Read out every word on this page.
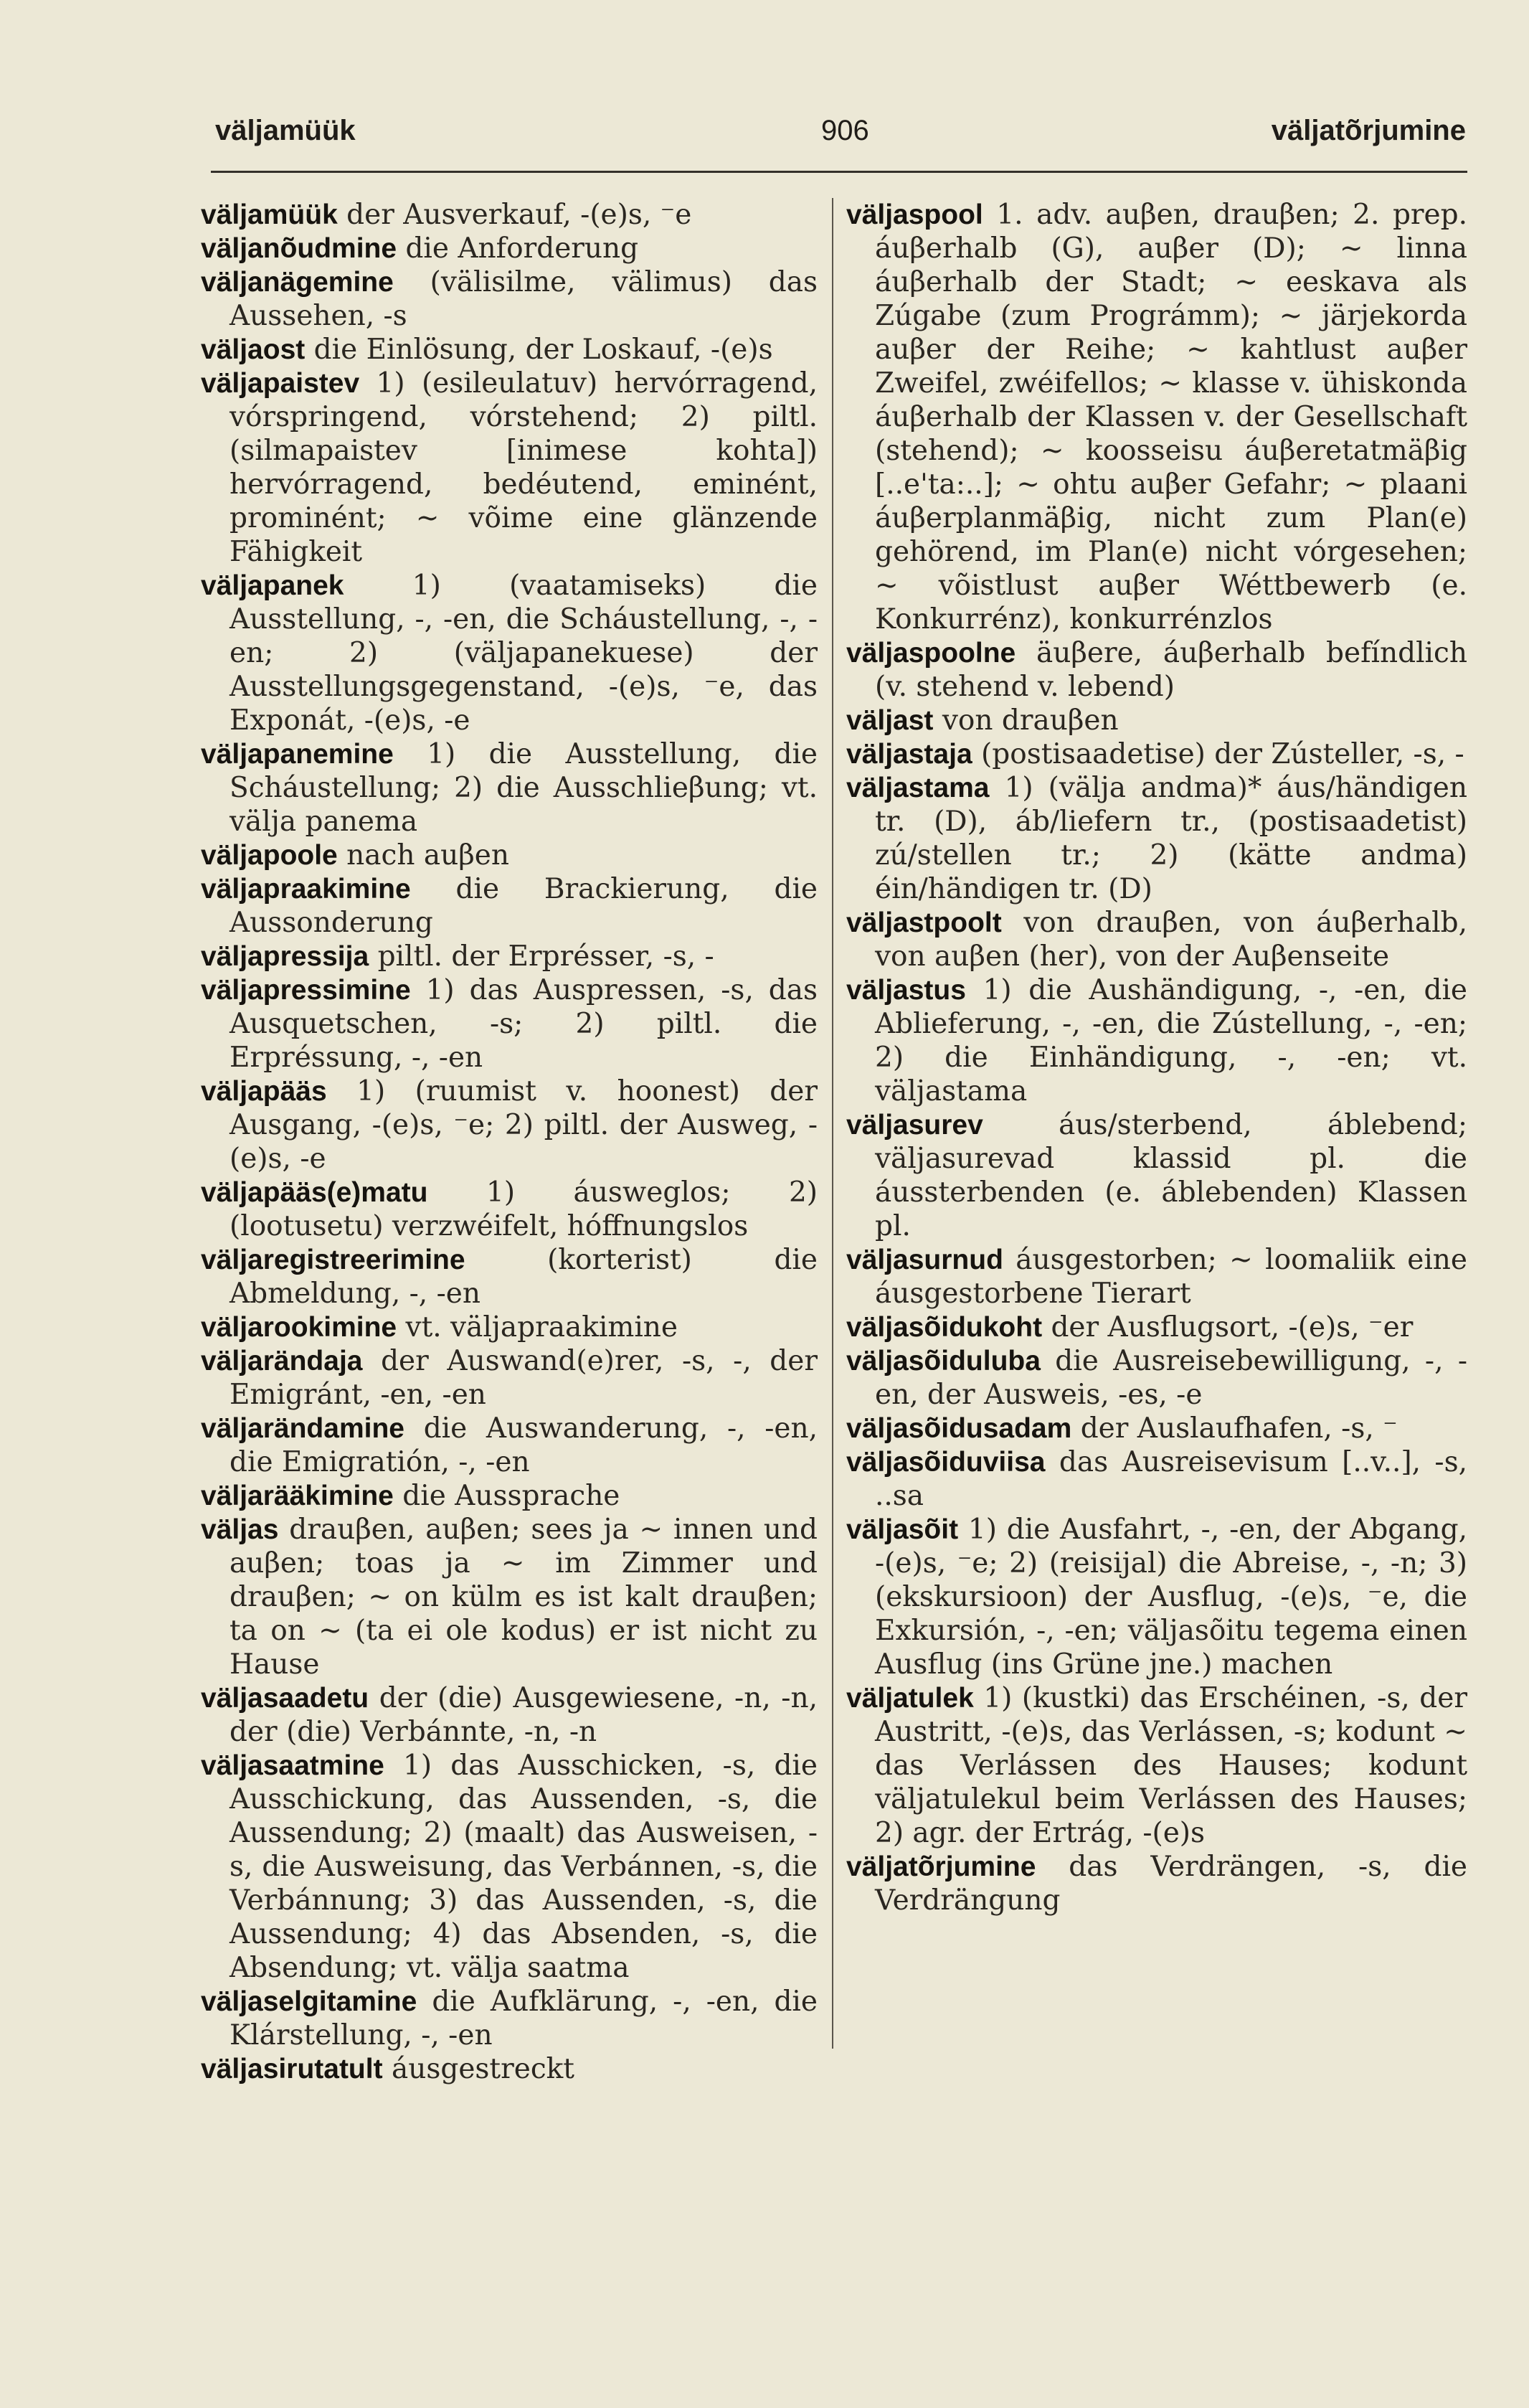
väljamüük	906	väljatõrjumine

väljamüük der Ausverkauf, -(e)s, ⁻e

väljanõudmine die Anforderung

väljanägemine (välisilme, välimus) das Aussehen, -s

väljaost die Einlösung, der Loskauf, -(e)s

väljapaistev 1) (esileulatuv) hervórragend, vórspringend, vórstehend; 2) piltl. (silmapaistev [inimese kohta]) hervórragend, bedéutend, eminént, prominént; ~ võime eine glänzende Fähigkeit

väljapanek 1) (vaatamiseks) die Ausstellung, -, -en, die Scháustellung, -, -en; 2) (väljapanekuese) der Ausstellungsgegenstand, -(e)s, ⁻e, das Exponát, -(e)s, -e

väljapanemine 1) die Ausstellung, die Scháustellung; 2) die Ausschlieβung; vt. välja panema

väljapoole nach auβen

väljapraakimine die Brackierung, die Aussonderung

väljapressija piltl. der Erprésser, -s, -

väljapressimine 1) das Auspressen, -s, das Ausquetschen, -s; 2) piltl. die Erpréssung, -, -en

väljapääs 1) (ruumist v. hoonest) der Ausgang, -(e)s, ⁻e; 2) piltl. der Ausweg, -(e)s, -e

väljapääs(e)matu 1) áusweglos; 2) (lootusetu) verzwéifelt, hóffnungslos

väljaregistreerimine	(korterist) die Abmeldung, -, -en

väljarookimine vt. väljapraakimine

väljarändaja der Auswand(e)rer, -s, -, der Emigránt, -en, -en

väljarändamine die Auswanderung, -, -en, die Emigratión, -, -en

väljarääkimine die Aussprache

väljas drauβen, auβen; sees ja ~ innen und auβen; toas ja ~ im Zimmer und drauβen; ~ on külm es ist kalt drauβen; ta on ~ (ta ei ole kodus) er ist nicht zu Hause

väljasaadetu der (die) Ausgewiesene, -n, -n, der (die) Verbánnte, -n, -n

väljasaatmine 1) das Ausschicken, -s, die Ausschickung, das Aussenden, -s, die Aussendung; 2) (maalt) das Ausweisen, -s, die Ausweisung, das Verbánnen, -s, die Verbánnung; 3) das Aussenden, -s, die Aussendung; 4) das Absenden, -s, die Absendung; vt. välja saatma

väljaselgitamine die Aufklärung, -, -en, die Klárstellung, -, -en

väljasirutatult áusgestreckt

väljaspool 1. adv. auβen, drauβen; 2. prep. áuβerhalb (G), auβer (D); ~ linna áuβerhalb der Stadt; ~ eeskava als Zúgabe (zum Prográmm); ~ järjekorda auβer der Reihe; ~ kahtlust auβer Zweifel, zwéifellos; ~ klasse v. ühiskonda áuβerhalb der Klassen v. der Gesellschaft (stehend); ~ koosseisu áuβeretatmäβig [..e'ta:..]; ~ ohtu auβer Gefahr; ~ plaani áuβerplanmäβig, nicht zum Plan(e) gehörend, im Plan(e) nicht vórgesehen; ~ võistlust auβer Wéttbewerb (e. Konkurrénz), konkurrénzlos

väljaspoolne äuβere, áuβerhalb befíndlich (v. stehend v. lebend)

väljast von drauβen

väljastaja (postisaadetise) der Zústeller, -s, -

väljastama 1) (välja andma)* áus/händigen tr. (D), áb/liefern tr., (postisaadetist) zú/stellen tr.; 2) (kätte andma) éin/händigen tr. (D)

väljastpoolt von drauβen, von áuβerhalb, von auβen (her), von der Auβenseite

väljastus 1) die Aushändigung, -, -en, die Ablieferung, -, -en, die Zústellung, -, -en; 2) die Einhändigung, -, -en; vt. väljastama

väljasurev	áus/sterbend, áblebend; väljasurevad klassid pl. die áussterbenden (e. áblebenden) Klassen pl.

väljasurnud áusgestorben; ~ loomaliik eine áusgestorbene Tierart

väljasõidukoht der Ausflugsort, -(e)s, ⁻er

väljasõiduluba die Ausreisebewilligung, -, -en, der Ausweis, -es, -e

väljasõidusadam der Auslaufhafen, -s, ⁻

väljasõiduviisa das Ausreisevisum [..v..], -s, ..sa

väljasõit 1) die Ausfahrt, -, -en, der Abgang, -(e)s, ⁻e; 2) (reisijal) die Abreise, -, -n; 3) (ekskursioon) der Ausflug, -(e)s, ⁻e, die Exkursión, -, -en; väljasõitu tegema einen Ausflug (ins Grüne jne.) machen

väljatulek 1) (kustki) das Erschéinen, -s, der Austritt, -(e)s, das Verlássen, -s; kodunt ~ das Verlássen des Hauses; kodunt väljatulekul beim Verlássen des Hauses; 2) agr. der Ertrág, -(e)s

väljatõrjumine das Verdrängen, -s, die Verdrängung
